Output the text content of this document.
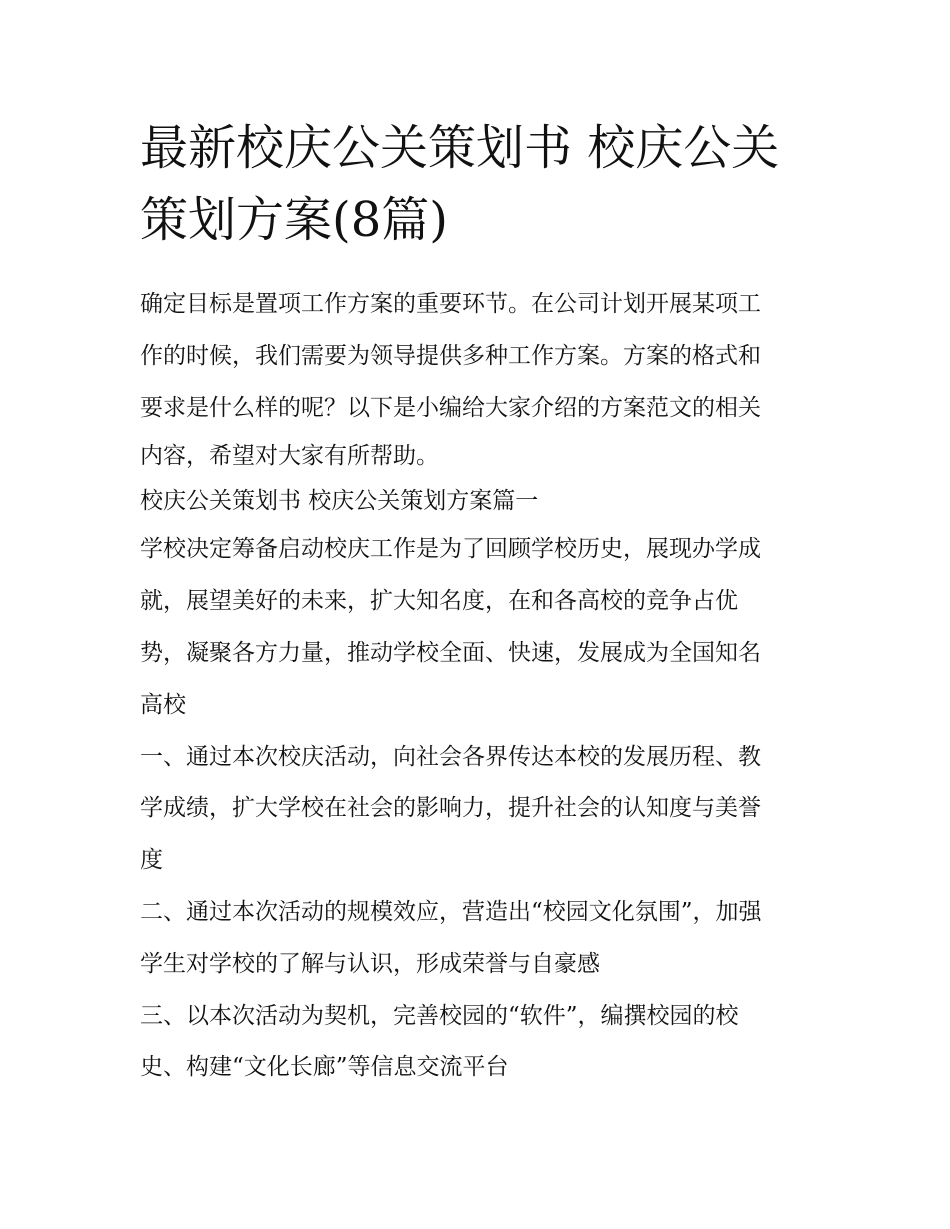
最新校庆公关策划书 校庆公关
策划方案(8篇)
确定目标是置项工作方案的重要环节。在公司计划开展某项工
作的时候，我们需要为领导提供多种工作方案。方案的格式和
要求是什么样的呢？以下是小编给大家介绍的方案范文的相关
内容，希望对大家有所帮助。
校庆公关策划书 校庆公关策划方案篇一
学校决定筹备启动校庆工作是为了回顾学校历史，展现办学成
就，展望美好的未来，扩大知名度，在和各高校的竞争占优
势，凝聚各方力量，推动学校全面、快速，发展成为全国知名
高校
一、通过本次校庆活动，向社会各界传达本校的发展历程、教
学成绩，扩大学校在社会的影响力，提升社会的认知度与美誉
度
二、通过本次活动的规模效应，营造出“校园文化氛围”，加强
学生对学校的了解与认识，形成荣誉与自豪感
三、以本次活动为契机，完善校园的“软件”，编撰校园的校
史、构建“文化长廊”等信息交流平台
